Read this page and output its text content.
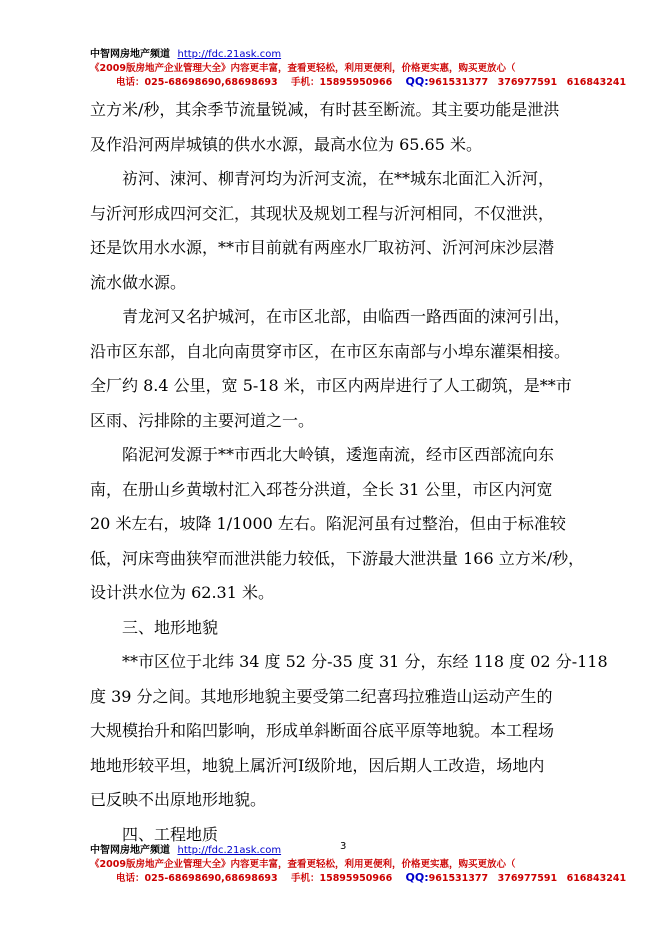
中智网房地产频道 http://fdc.21ask.com
《2009版房地产企业管理大全》内容更丰富，查看更轻松，利用更便利，价格更实惠，购买更放心（
电话：025-68698690,68698693 手机：15895950966 QQ:961531377　376977591　616843241

立方米/秒，其余季节流量锐减，有时甚至断流。其主要功能是泄洪

及作沿河两岸城镇的供水水源，最高水位为 65.65 米。

祊河、涑河、柳青河均为沂河支流，在**城东北面汇入沂河，

与沂河形成四河交汇，其现状及规划工程与沂河相同，不仅泄洪，

还是饮用水水源，**市目前就有两座水厂取祊河、沂河河床沙层潜

流水做水源。

青龙河又名护城河，在市区北部，由临西一路西面的涑河引出，

沿市区东部，自北向南贯穿市区，在市区东南部与小埠东灌渠相接。

全厂约 8.4 公里，宽 5-18 米，市区内两岸进行了人工砌筑，是**市

区雨、污排除的主要河道之一。

陷泥河发源于**市西北大岭镇，逶迤南流，经市区西部流向东

南，在册山乡黄墩村汇入邳苍分洪道，全长 31 公里，市区内河宽

20 米左右，坡降 1/1000 左右。陷泥河虽有过整治，但由于标准较

低，河床弯曲狭窄而泄洪能力较低，下游最大泄洪量 166 立方米/秒，

设计洪水位为 62.31 米。

三、地形地貌

**市区位于北纬 34 度 52 分-35 度 31 分，东经 118 度 02 分-118

度 39 分之间。其地形地貌主要受第二纪喜玛拉雅造山运动产生的

大规模抬升和陷凹影响，形成单斜断面谷底平原等地貌。本工程场

地地形较平坦，地貌上属沂河Ⅰ级阶地，因后期人工改造，场地内

已反映不出原地形地貌。

四、工程地质

中智网房地产频道 http://fdc.21ask.com	3
《2009版房地产企业管理大全》内容更丰富，查看更轻松，利用更便利，价格更实惠，购买更放心（
电话：025-68698690,68698693 手机：15895950966 QQ:961531377　376977591　616843241
